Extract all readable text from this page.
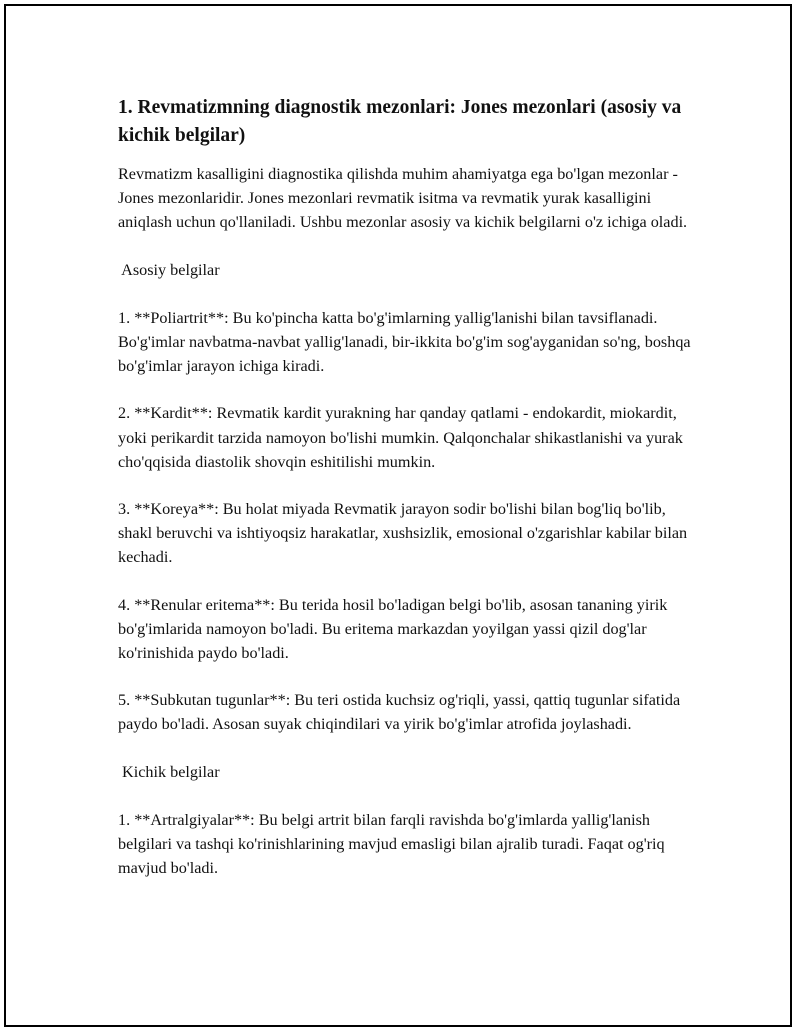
1. Revmatizmning diagnostik mezonlari: Jones mezonlari (asosiy va kichik belgilar)

Revmatizm kasalligini diagnostika qilishda muhim ahamiyatga ega bo'lgan mezonlar - Jones mezonlaridir. Jones mezonlari revmatik isitma va revmatik yurak kasalligini aniqlash uchun qo'llaniladi. Ushbu mezonlar asosiy va kichik belgilarni o'z ichiga oladi.

Asosiy belgilar

1. **Poliartrit**: Bu ko'pincha katta bo'g'imlarning yallig'lanishi bilan tavsiflanadi. Bo'g'imlar navbatma-navbat yallig'lanadi, bir-ikkita bo'g'im sog'ayganidan so'ng, boshqa bo'g'imlar jarayon ichiga kiradi.

2. **Kardit**: Revmatik kardit yurakning har qanday qatlami - endokardit, miokardit, yoki perikardit tarzida namoyon bo'lishi mumkin. Qalqonchalar shikastlanishi va yurak cho'qqisida diastolik shovqin eshitilishi mumkin.

3. **Koreya**: Bu holat miyada Revmatik jarayon sodir bo'lishi bilan bog'liq bo'lib, shakl beruvchi va ishtiyoqsiz harakatlar, xushsizlik, emosional o'zgarishlar kabilar bilan kechadi.

4. **Renular eritema**: Bu terida hosil bo'ladigan belgi bo'lib, asosan tananing yirik bo'g'imlarida namoyon bo'ladi. Bu eritema markazdan yoyilgan yassi qizil dog'lar ko'rinishida paydo bo'ladi.

5. **Subkutan tugunlar**: Bu teri ostida kuchsiz og'riqli, yassi, qattiq tugunlar sifatida paydo bo'ladi. Asosan suyak chiqindilari va yirik bo'g'imlar atrofida joylashadi.

Kichik belgilar

1. **Artralgiyalar**: Bu belgi artrit bilan farqli ravishda bo'g'imlarda yallig'lanish belgilari va tashqi ko'rinishlarining mavjud emasligi bilan ajralib turadi. Faqat og'riq mavjud bo'ladi.
